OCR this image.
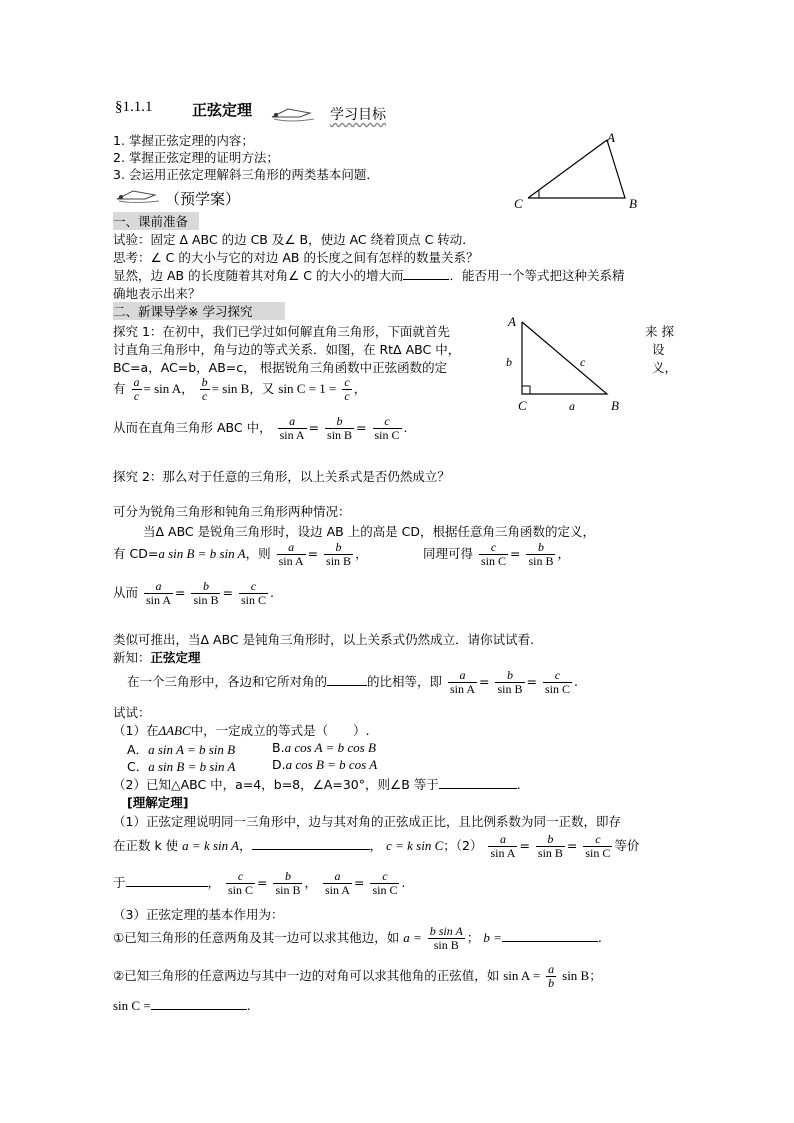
§1.1.1	正弦定理	学习目标
1. 掌握正弦定理的内容；
2. 掌握正弦定理的证明方法；
3. 会运用正弦定理解斜三角形的两类基本问题．
A
C	B
（预学案）
一、课前准备
试验：固定 Δ ABC 的边 CB 及∠ B，使边 AC 绕着顶点 C 转动．
思考：∠ C 的大小与它的对边 AB 的长度之间有怎样的数量关系？
显然，边 AB 的长度随着其对角∠ C 的大小的增大而	．能否用一个等式把这种关系精
确地表示出来？
二、新课导学※ 学习探究
探究 1：在初中，我们已学过如何解直角三角形，下面就首先
讨直角三角形中，角与边的等式关系．如图，在 RtΔ ABC 中，
BC=a，AC=b，AB=c， 根据锐角三角函数中正弦函数的定
来 探
设
义，
A
b	c
C	a	B
有 $\frac{a}{c} = \sin A$， $\frac{b}{c} = \sin B$，又 $\sin C = 1 = \frac{c}{c}$ ，
从而在直角三角形 ABC 中， $\frac{a}{\text{sin A}} = \frac{b}{\text{sin B}} = \frac{c}{\text{sin C}}$ .
探究 2：那么对于任意的三角形，以上关系式是否仍然成立？
可分为锐角三角形和钝角三角形两种情况：
当Δ ABC 是锐角三角形时，设边 AB 上的高是 CD，根据任意角三角函数的定义，
有 CD=a sin B = b sin A，则 $\frac{a}{\text{sin A}} = \frac{b}{\text{sin B}}$ ，	同理可得 $\frac{c}{\text{sin C}} = \frac{b}{\text{sin B}}$ ，
从而 $\frac{a}{\text{sin A}} = \frac{b}{\text{sin B}} = \frac{c}{\text{sin C}}$ .
类似可推出，当Δ ABC 是钝角三角形时，以上关系式仍然成立．请你试试看.
新知：正弦定理
在一个三角形中，各边和它所对角的	的比相等，即 $\frac{a}{\text{sin A}} = \frac{b}{\text{sin B}} = \frac{c}{\text{sin C}}$ .
试试：
（1）在ΔABC中，一定成立的等式是（　　）.
A．a sin A = b sin B	B.a cos A = b cos B
C．a sin B = b sin A	D.a cos B = b cos A
（2）已知△ABC 中，a=4，b=8，∠A=30°，则∠B 等于	.
[理解定理]
（1）正弦定理说明同一三角形中，边与其对角的正弦成正比，且比例系数为同一正数，即存
在正数 k 使 a = k sin A，	， c = k sin C；$(2) \frac{a}{\text{sin A}} = \frac{b}{\text{sin B}} = \frac{c}{\text{sin C}}$ 等价
于	， $\frac{c}{\text{sin C}} = \frac{b}{\text{sin B}}$ ， $\frac{a}{\text{sin A}} = \frac{c}{\text{sin C}}$ .
（3）正弦定理的基本作用为：
①已知三角形的任意两角及其一边可以求其他边，如 $a = \frac{\text{b sin A}}{\text{sin B}}$ ； b =	.
②已知三角形的任意两边与其中一边的对角可以求其他角的正弦值，如 $\sin A = \frac{a}{b}$ sin B；
sin C =	.
